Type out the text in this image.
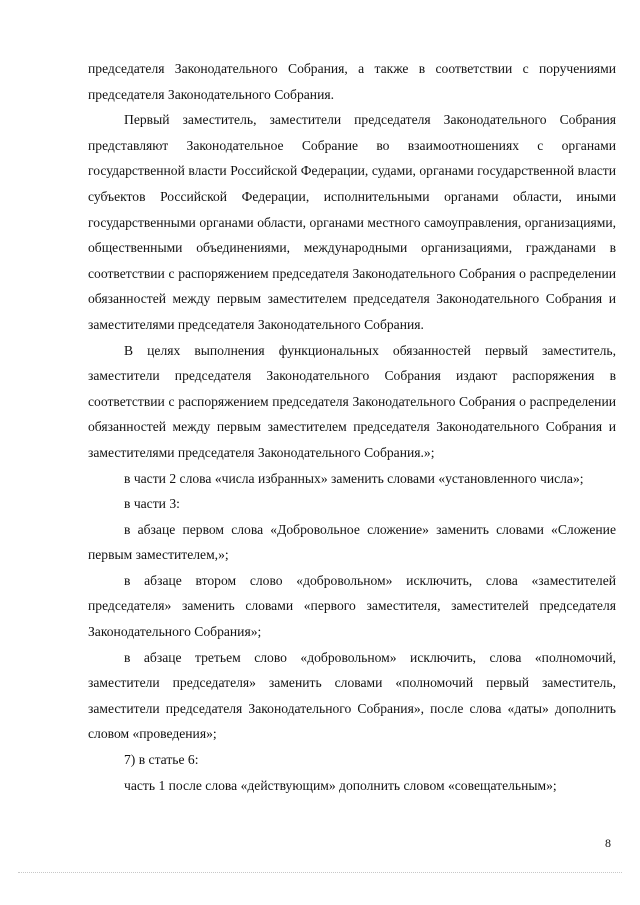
председателя Законодательного Собрания, а также в соответствии с поручениями председателя Законодательного Собрания.

Первый заместитель, заместители председателя Законодательного Собрания представляют Законодательное Собрание во взаимоотношениях с органами государственной власти Российской Федерации, судами, органами государственной власти субъектов Российской Федерации, исполнительными органами области, иными государственными органами области, органами местного самоуправления, организациями, общественными объединениями, международными организациями, гражданами в соответствии с распоряжением председателя Законодательного Собрания о распределении обязанностей между первым заместителем председателя Законодательного Собрания и заместителями председателя Законодательного Собрания.

В целях выполнения функциональных обязанностей первый заместитель, заместители председателя Законодательного Собрания издают распоряжения в соответствии с распоряжением председателя Законодательного Собрания о распределении обязанностей между первым заместителем председателя Законодательного Собрания и заместителями председателя Законодательного Собрания.»;

в части 2 слова «числа избранных» заменить словами «установленного числа»;

в части 3:

в абзаце первом слова «Добровольное сложение» заменить словами «Сложение первым заместителем,»;

в абзаце втором слово «добровольном» исключить, слова «заместителей председателя» заменить словами «первого заместителя, заместителей председателя Законодательного Собрания»;

в абзаце третьем слово «добровольном» исключить, слова «полномочий, заместители председателя» заменить словами «полномочий первый заместитель, заместители председателя Законодательного Собрания», после слова «даты» дополнить словом «проведения»;

7) в статье 6:

часть 1 после слова «действующим» дополнить словом «совещательным»;

8
